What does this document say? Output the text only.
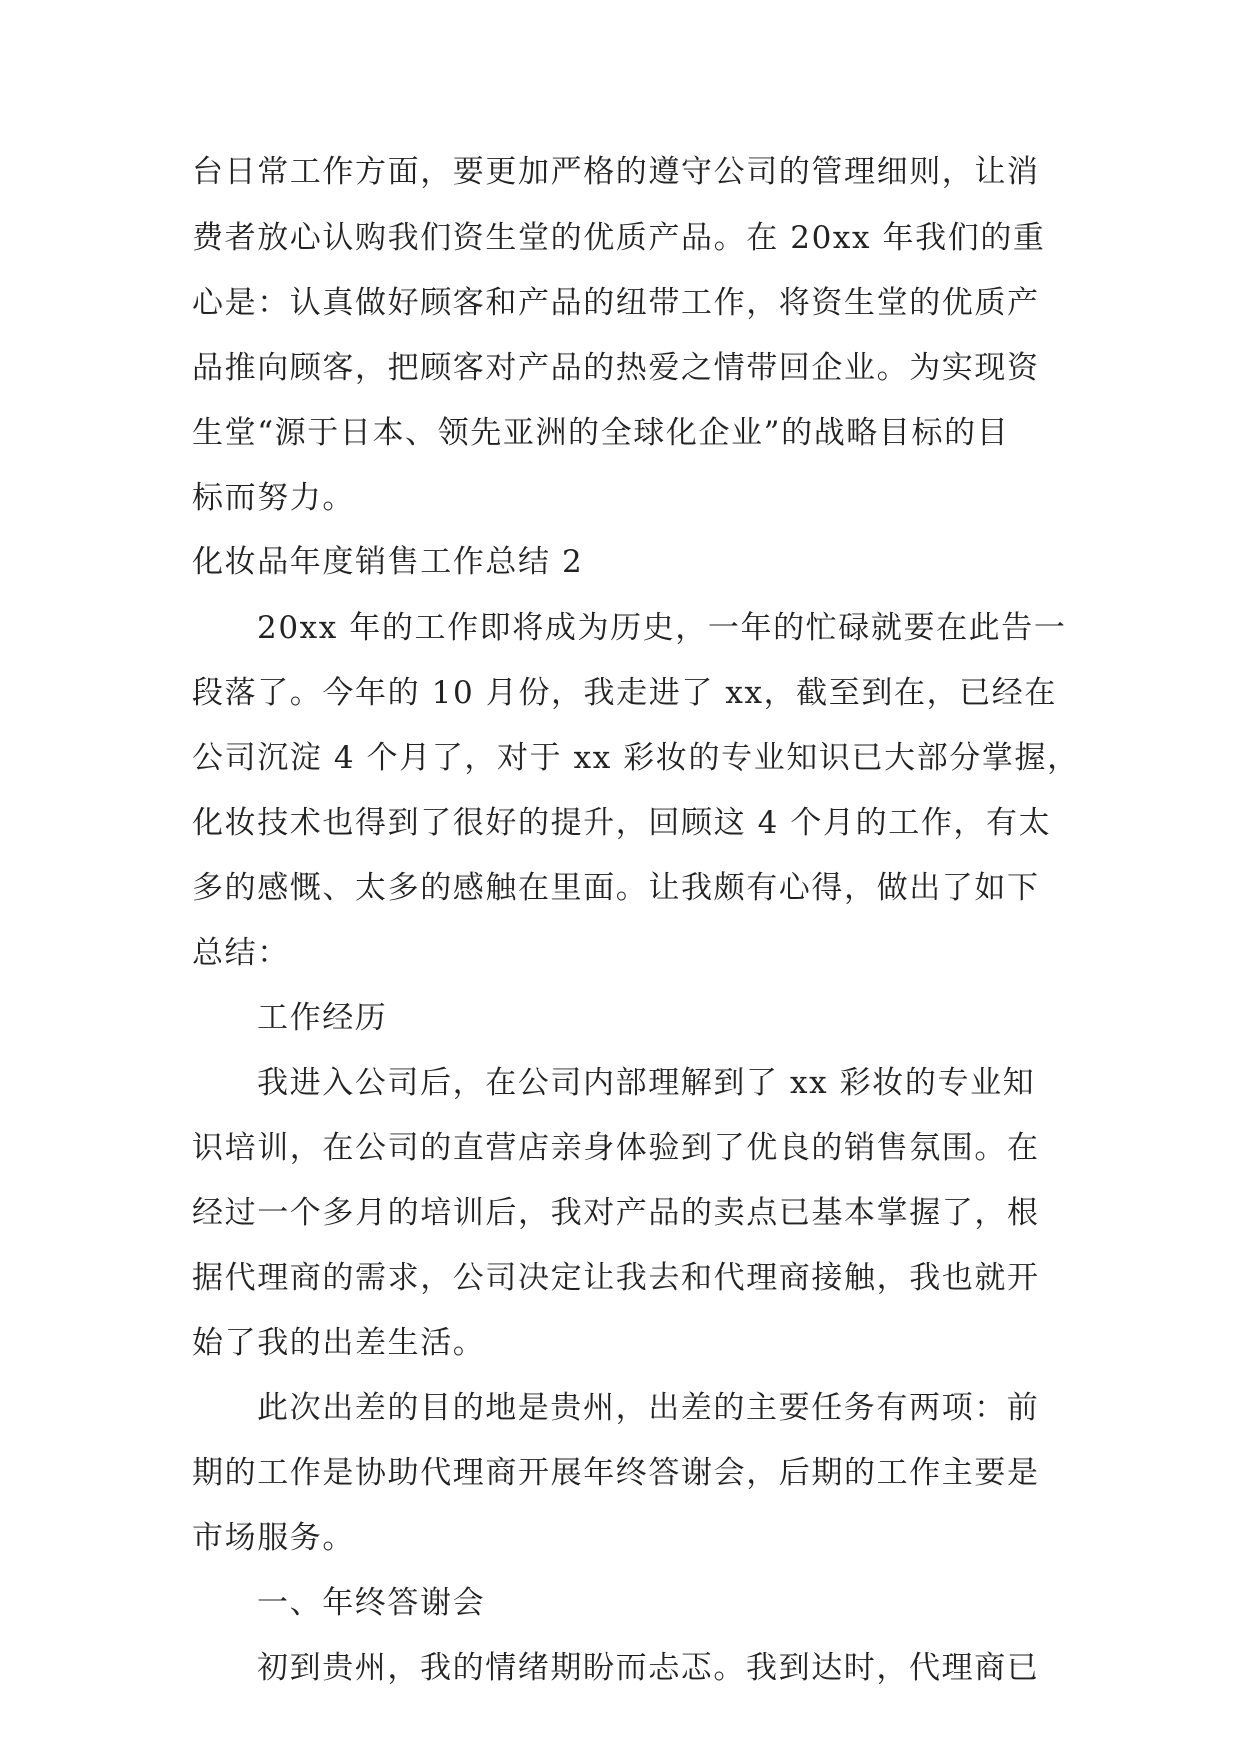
台日常工作方面，要更加严格的遵守公司的管理细则，让消
费者放心认购我们资生堂的优质产品。在 20xx 年我们的重
心是：认真做好顾客和产品的纽带工作，将资生堂的优质产
品推向顾客，把顾客对产品的热爱之情带回企业。为实现资
生堂“源于日本、领先亚洲的全球化企业”的战略目标的目
标而努力。
化妆品年度销售工作总结 2
20xx 年的工作即将成为历史，一年的忙碌就要在此告一
段落了。今年的 10 月份，我走进了 xx，截至到在，已经在
公司沉淀 4 个月了，对于 xx 彩妆的专业知识已大部分掌握，
化妆技术也得到了很好的提升，回顾这 4 个月的工作，有太
多的感慨、太多的感触在里面。让我颇有心得，做出了如下
总结：
工作经历
我进入公司后，在公司内部理解到了 xx 彩妆的专业知
识培训，在公司的直营店亲身体验到了优良的销售氛围。在
经过一个多月的培训后，我对产品的卖点已基本掌握了，根
据代理商的需求，公司决定让我去和代理商接触，我也就开
始了我的出差生活。
此次出差的目的地是贵州，出差的主要任务有两项：前
期的工作是协助代理商开展年终答谢会，后期的工作主要是
市场服务。
一、年终答谢会
初到贵州，我的情绪期盼而忐忑。我到达时，代理商已
